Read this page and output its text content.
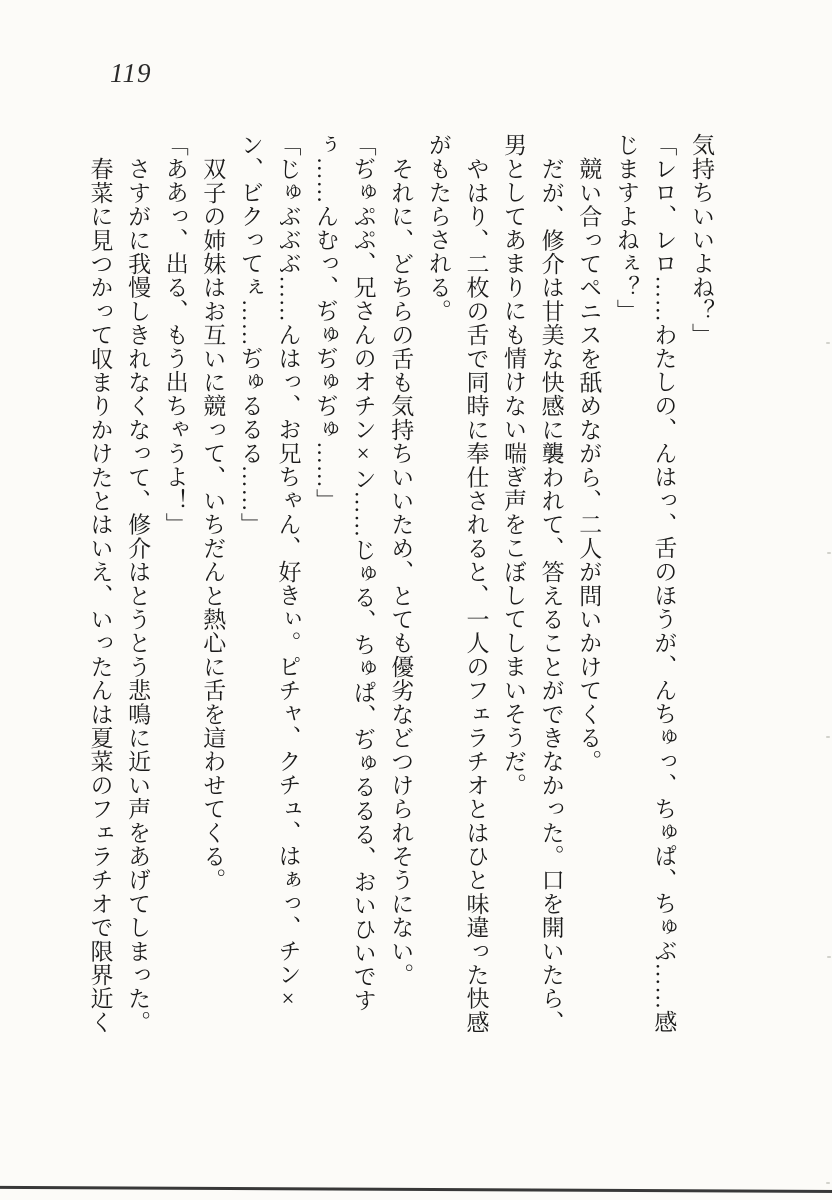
119

気持ちいいよね？」

「レロ、レロ……わたしの、んはっ、舌のほうが、んちゅっ、ちゅぱ、ちゅぶ……感じますよねぇ？」

競い合ってペニスを舐めながら、二人が問いかけてくる。

だが、修介は甘美な快感に襲われて、答えることができなかった。口を開いたら、男としてあまりにも情けない喘ぎ声をこぼしてしまいそうだ。

やはり、二枚の舌で同時に奉仕されると、一人のフェラチオとはひと味違った快感がもたらされる。

それに、どちらの舌も気持ちいいため、とても優劣などつけられそうにない。

「ぢゅぷぷ、兄さんのオチン×ン……じゅる、ちゅぱ、ぢゅるるる、おいひいですぅ……んむっ、ぢゅぢゅぢゅ……」

「じゅぶぶぶ……んはっ、お兄ちゃん、好きぃ。ピチャ、クチュ、はぁっ、チン×ン、ビクってぇ……ぢゅるるる……」

双子の姉妹はお互いに競って、いちだんと熱心に舌を這わせてくる。

「ああっ、出る、もう出ちゃうよ！」

さすがに我慢しきれなくなって、修介はとうとう悲鳴に近い声をあげてしまった。

春菜に見つかって収まりかけたとはいえ、いったんは夏菜のフェラチオで限界近く
